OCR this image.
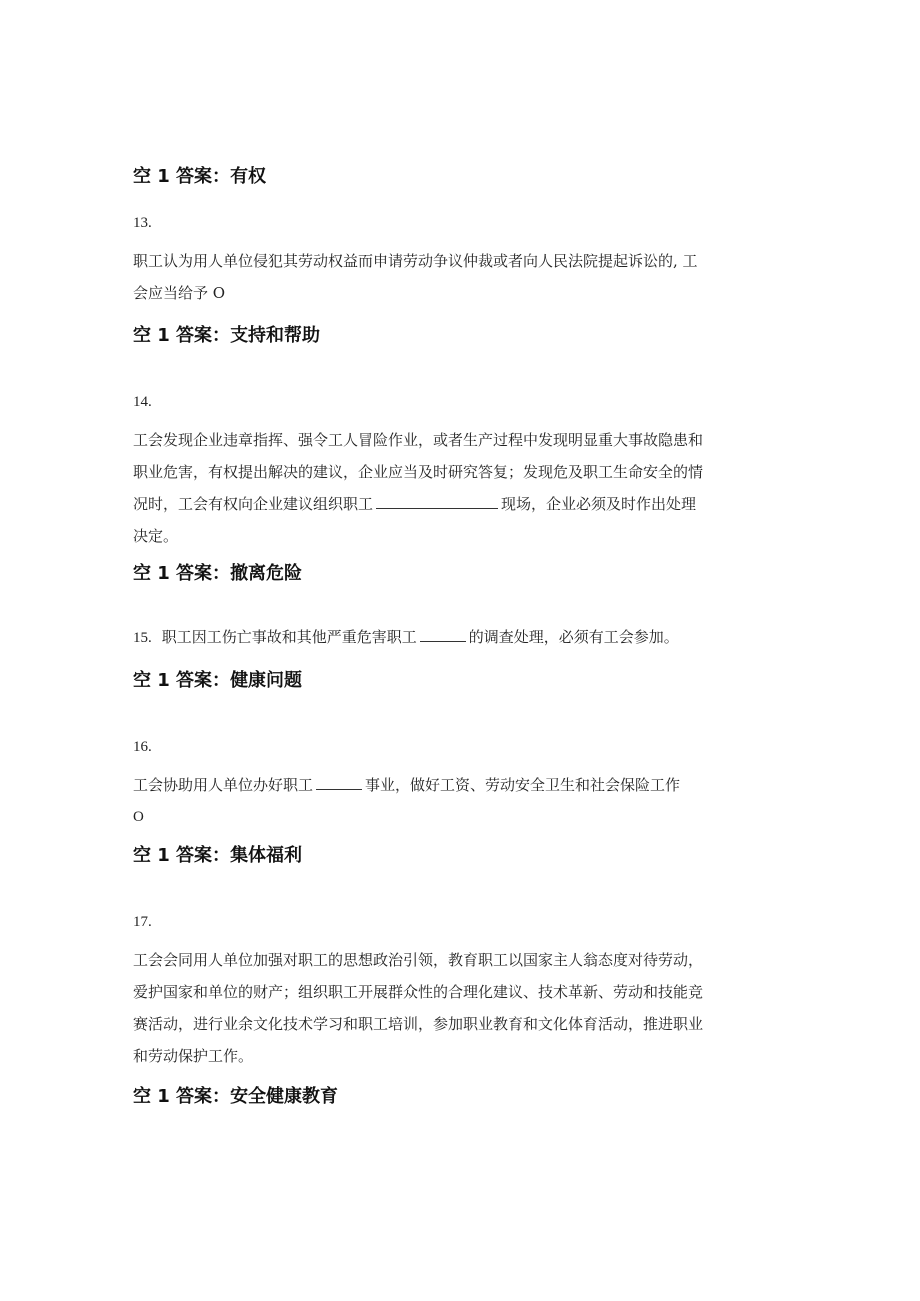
空 1 答案：有权
13.
职工认为用人单位侵犯其劳动权益而申请劳动争议仲裁或者向人民法院提起诉讼的, 工
会应当给予 O
空 1 答案：支持和帮助
14.
工会发现企业违章指挥、强令工人冒险作业，或者生产过程中发现明显重大事故隐患和
职业危害，有权提出解决的建议，企业应当及时研究答复；发现危及职工生命安全的情
况时，工会有权向企业建议组织职工	现场，企业必须及时作出处理
决定。
空 1 答案：撤离危险
15. 职工因工伤亡事故和其他严重危害职工	的调查处理，必须有工会参加。
空 1 答案：健康问题
16.
工会协助用人单位办好职工	事业，做好工资、劳动安全卫生和社会保险工作
O
空 1 答案：集体福利
17.
工会会同用人单位加强对职工的思想政治引领，教育职工以国家主人翁态度对待劳动，
爱护国家和单位的财产；组织职工开展群众性的合理化建议、技术革新、劳动和技能竞
赛活动，进行业余文化技术学习和职工培训，参加职业教育和文化体育活动，推进职业
和劳动保护工作。
空 1 答案：安全健康教育
